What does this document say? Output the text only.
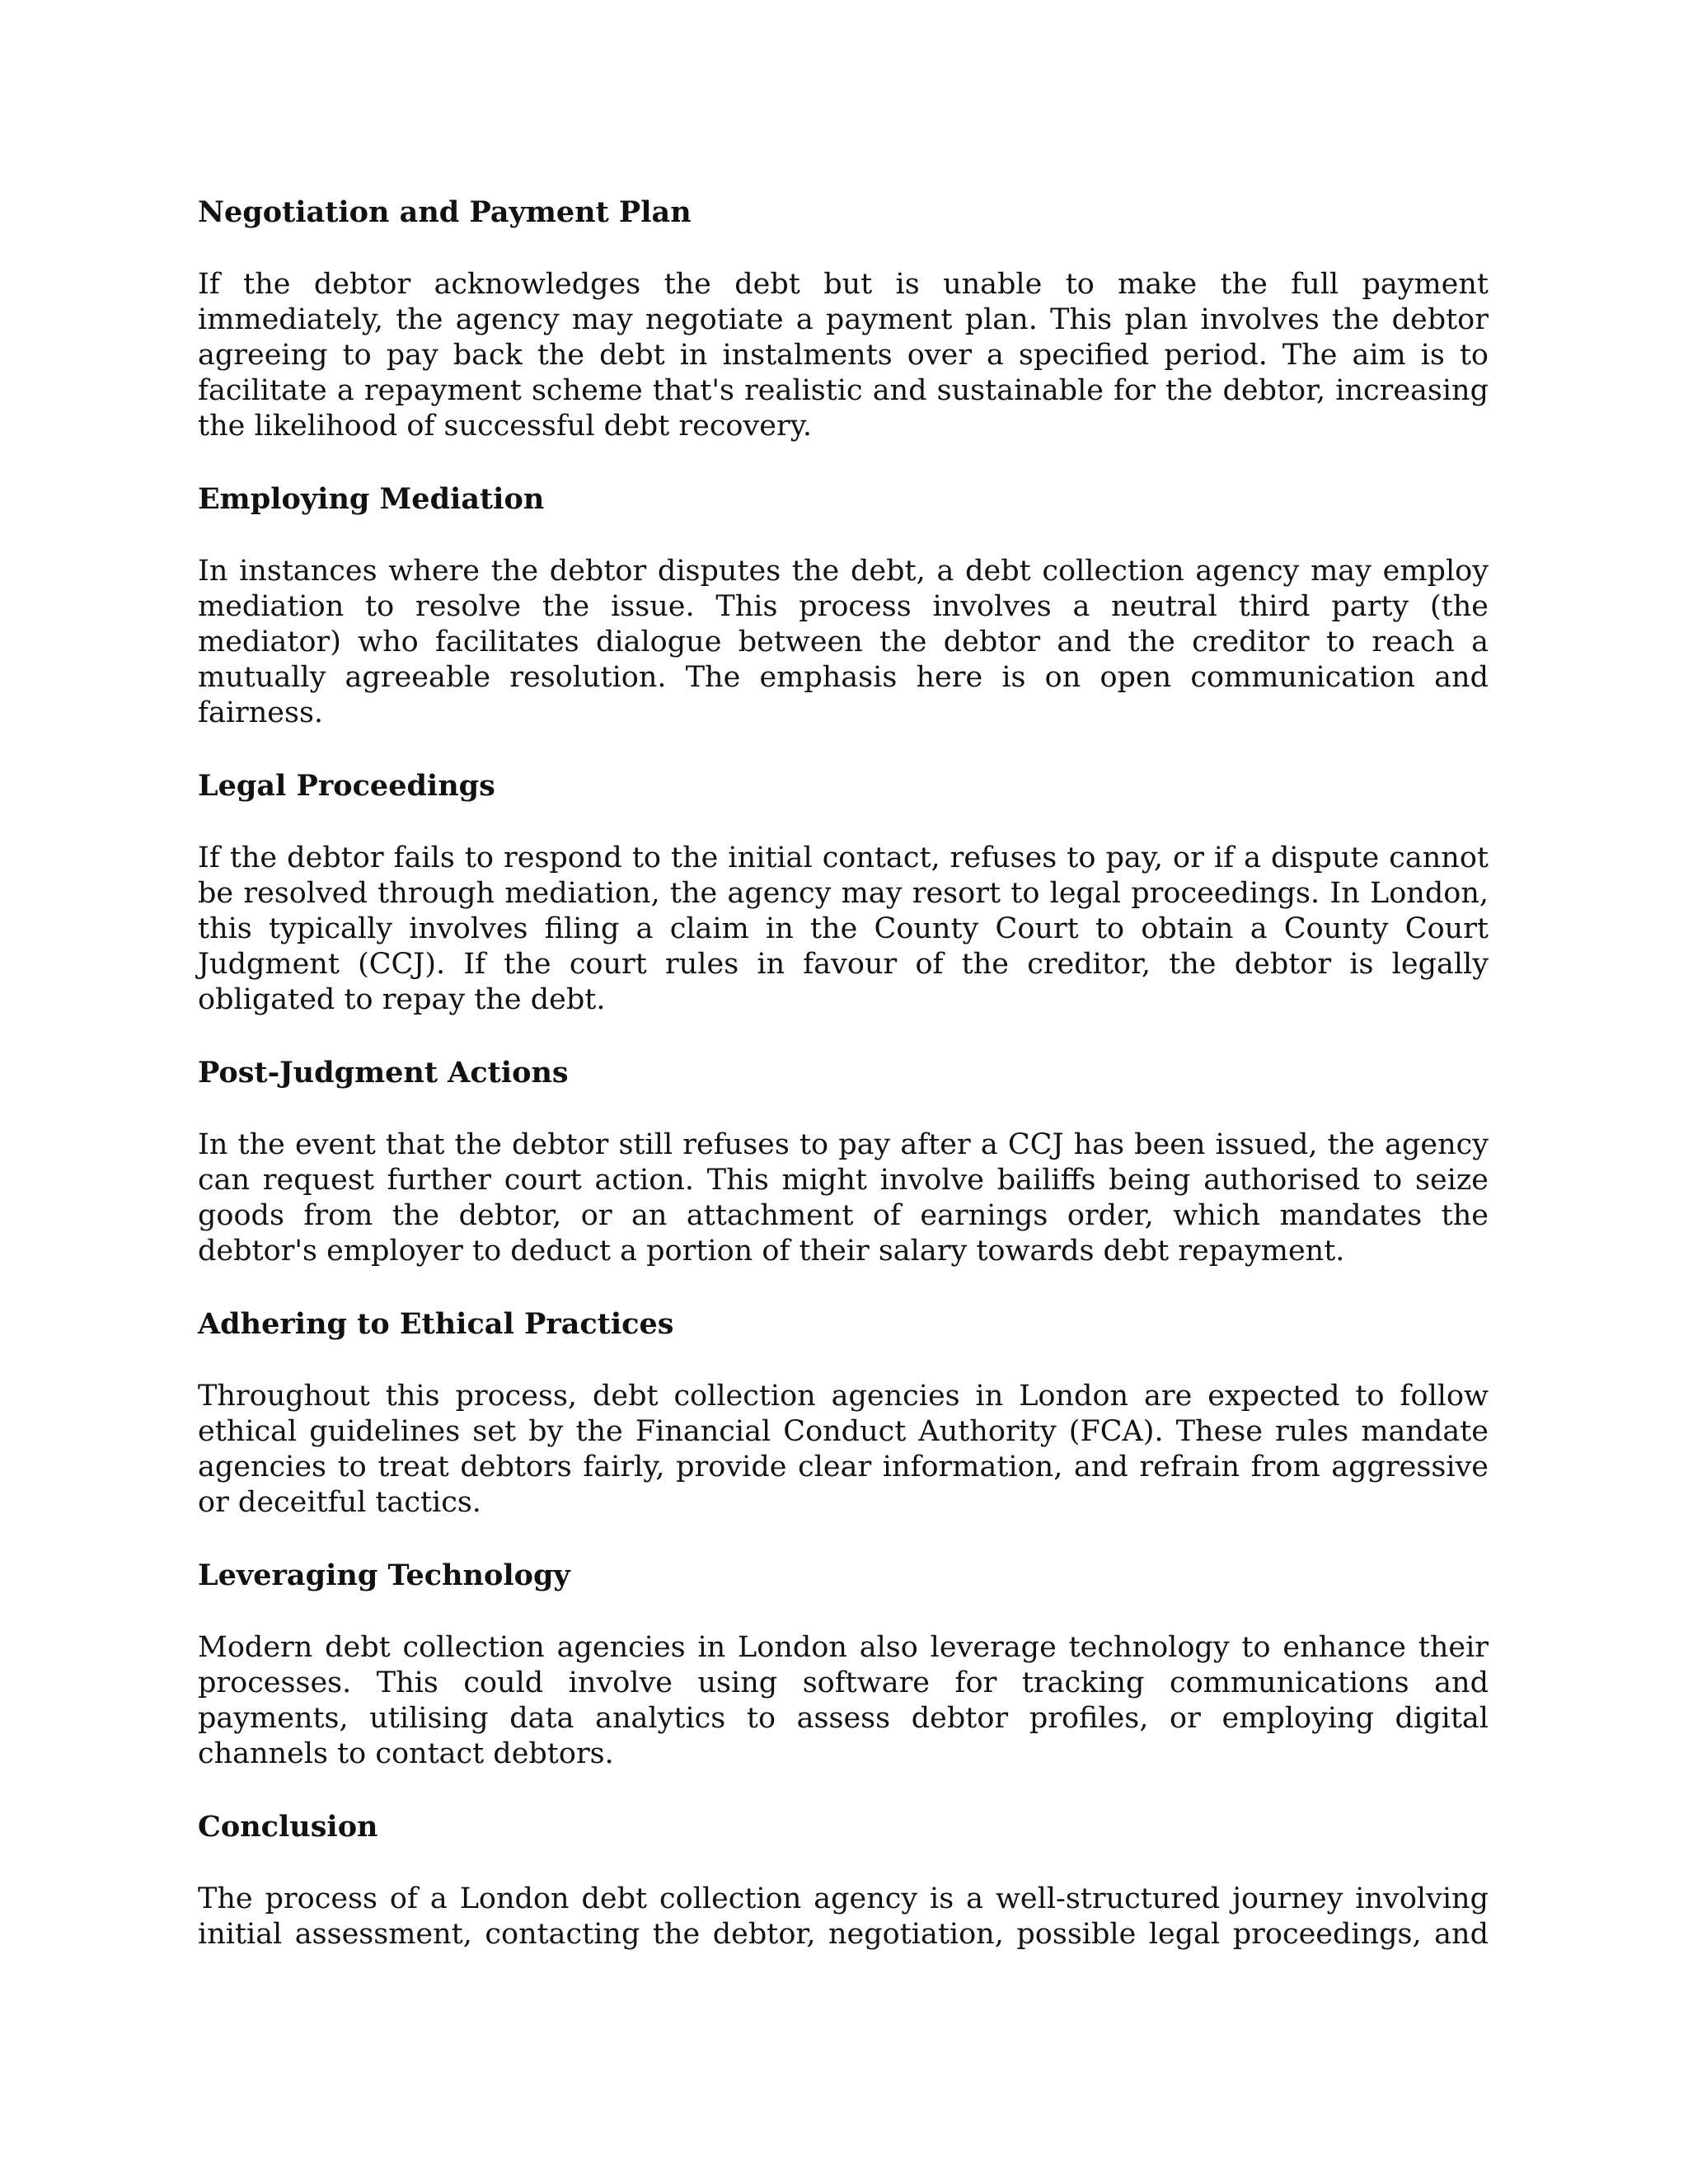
Negotiation and Payment Plan
If the debtor acknowledges the debt but is unable to make the full payment immediately, the agency may negotiate a payment plan. This plan involves the debtor agreeing to pay back the debt in instalments over a specified period. The aim is to facilitate a repayment scheme that's realistic and sustainable for the debtor, increasing the likelihood of successful debt recovery.
Employing Mediation
In instances where the debtor disputes the debt, a debt collection agency may employ mediation to resolve the issue. This process involves a neutral third party (the mediator) who facilitates dialogue between the debtor and the creditor to reach a mutually agreeable resolution. The emphasis here is on open communication and fairness.
Legal Proceedings
If the debtor fails to respond to the initial contact, refuses to pay, or if a dispute cannot be resolved through mediation, the agency may resort to legal proceedings. In London, this typically involves filing a claim in the County Court to obtain a County Court Judgment (CCJ). If the court rules in favour of the creditor, the debtor is legally obligated to repay the debt.
Post-Judgment Actions
In the event that the debtor still refuses to pay after a CCJ has been issued, the agency can request further court action. This might involve bailiffs being authorised to seize goods from the debtor, or an attachment of earnings order, which mandates the debtor's employer to deduct a portion of their salary towards debt repayment.
Adhering to Ethical Practices
Throughout this process, debt collection agencies in London are expected to follow ethical guidelines set by the Financial Conduct Authority (FCA). These rules mandate agencies to treat debtors fairly, provide clear information, and refrain from aggressive or deceitful tactics.
Leveraging Technology
Modern debt collection agencies in London also leverage technology to enhance their processes. This could involve using software for tracking communications and payments, utilising data analytics to assess debtor profiles, or employing digital channels to contact debtors.
Conclusion
The process of a London debt collection agency is a well-structured journey involving initial assessment, contacting the debtor, negotiation, possible legal proceedings, and
